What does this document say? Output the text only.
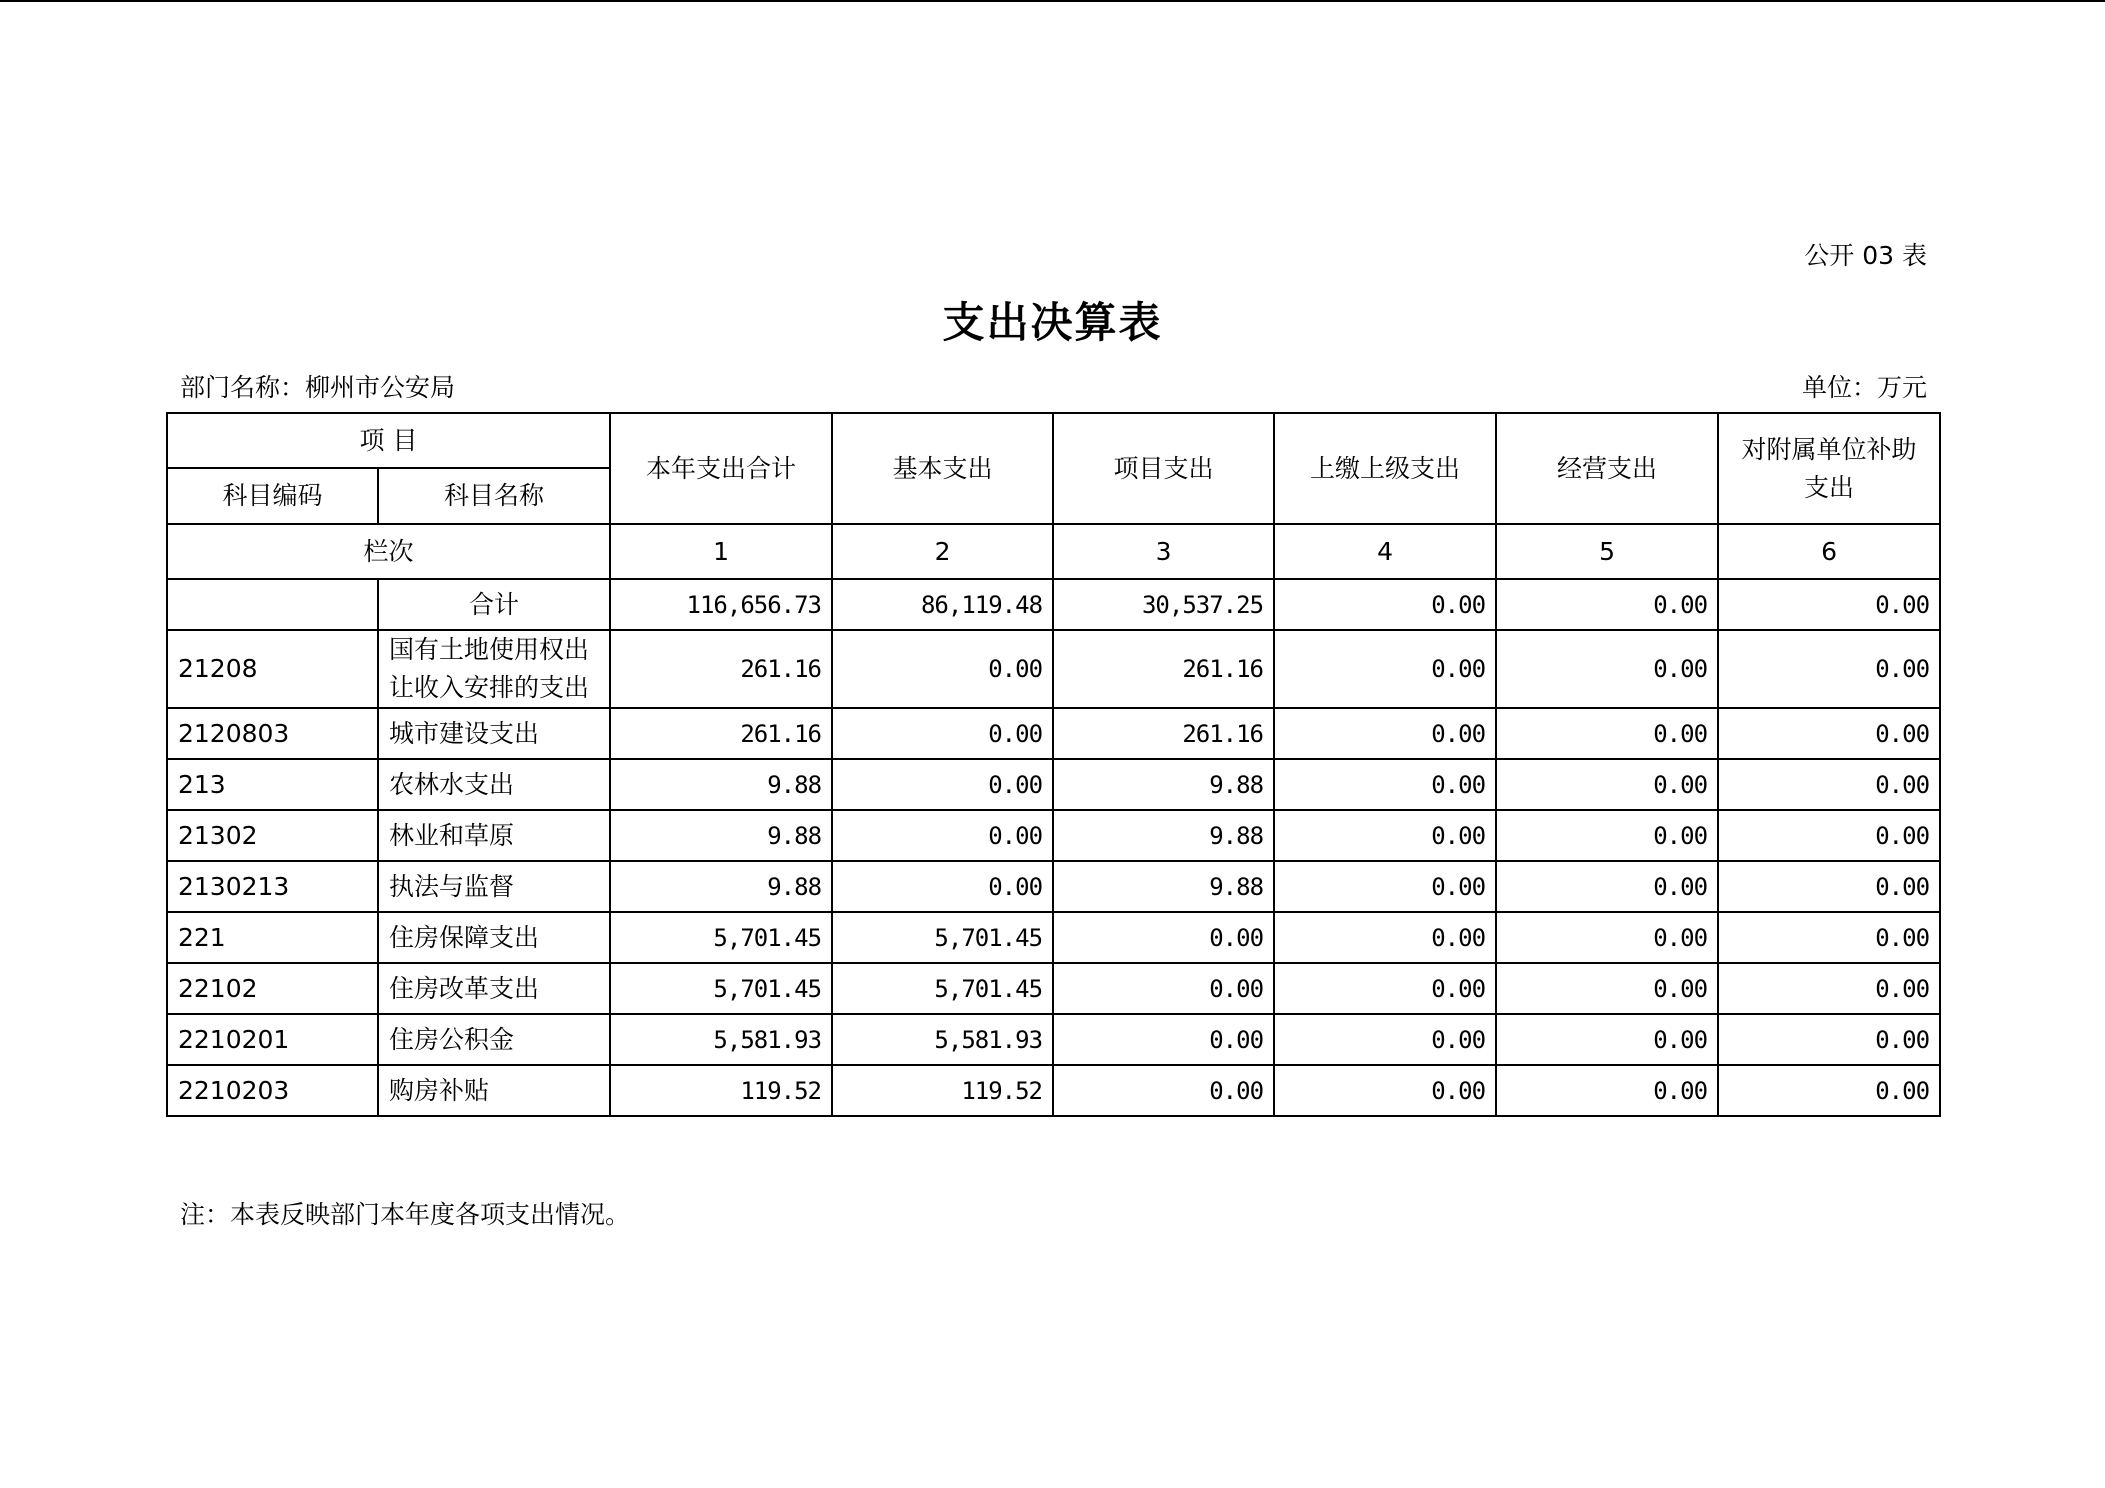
公开 03 表
支出决算表
部门名称：柳州市公安局	单位：万元
项 目		本年支出合计	基本支出	项目支出	上缴上级支出	经营支出	对附属单位补助支出
科目编码	科目名称						
栏次		1	2	3	4	5	6
	合计	116,656.73	86,119.48	30,537.25	0.00	0.00	0.00
21208	国有土地使用权出让收入安排的支出	261.16	0.00	261.16	0.00	0.00	0.00
2120803	城市建设支出	261.16	0.00	261.16	0.00	0.00	0.00
213	农林水支出	9.88	0.00	9.88	0.00	0.00	0.00
21302	林业和草原	9.88	0.00	9.88	0.00	0.00	0.00
2130213	执法与监督	9.88	0.00	9.88	0.00	0.00	0.00
221	住房保障支出	5,701.45	5,701.45	0.00	0.00	0.00	0.00
22102	住房改革支出	5,701.45	5,701.45	0.00	0.00	0.00	0.00
2210201	住房公积金	5,581.93	5,581.93	0.00	0.00	0.00	0.00
2210203	购房补贴	119.52	119.52	0.00	0.00	0.00	0.00
注：本表反映部门本年度各项支出情况。
